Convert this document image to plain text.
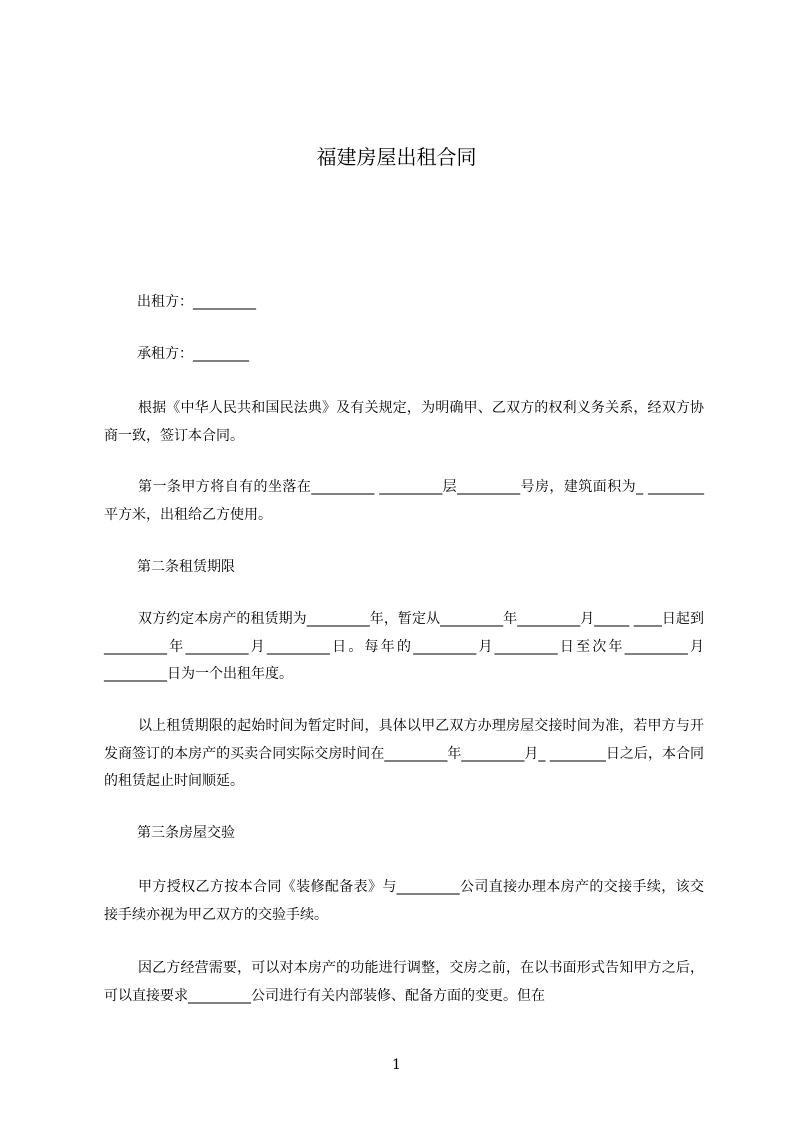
福建房屋出租合同

出租方：_________

承租方：________

根据《中华人民共和国民法典》及有关规定，为明确甲、乙双方的权利义务关系，经双方协商一致，签订本合同。

第一条甲方将自有的坐落在_________ _________层_________号房，建筑面积为_ ________平方米，出租给乙方使用。

第二条租赁期限

双方约定本房产的租赁期为_________年，暂定从_________年_________月_____ ____日起到_________年_________月_________日。每年的_________月_________日至次年_________月_________日为一个出租年度。

以上租赁期限的起始时间为暂定时间，具体以甲乙双方办理房屋交接时间为准，若甲方与开发商签订的本房产的买卖合同实际交房时间在_________年_________月_ ________日之后，本合同的租赁起止时间顺延。

第三条房屋交验

甲方授权乙方按本合同《装修配备表》与_________公司直接办理本房产的交接手续，该交接手续亦视为甲乙双方的交验手续。

因乙方经营需要，可以对本房产的功能进行调整，交房之前，在以书面形式告知甲方之后，可以直接要求_________公司进行有关内部装修、配备方面的变更。但在

1
